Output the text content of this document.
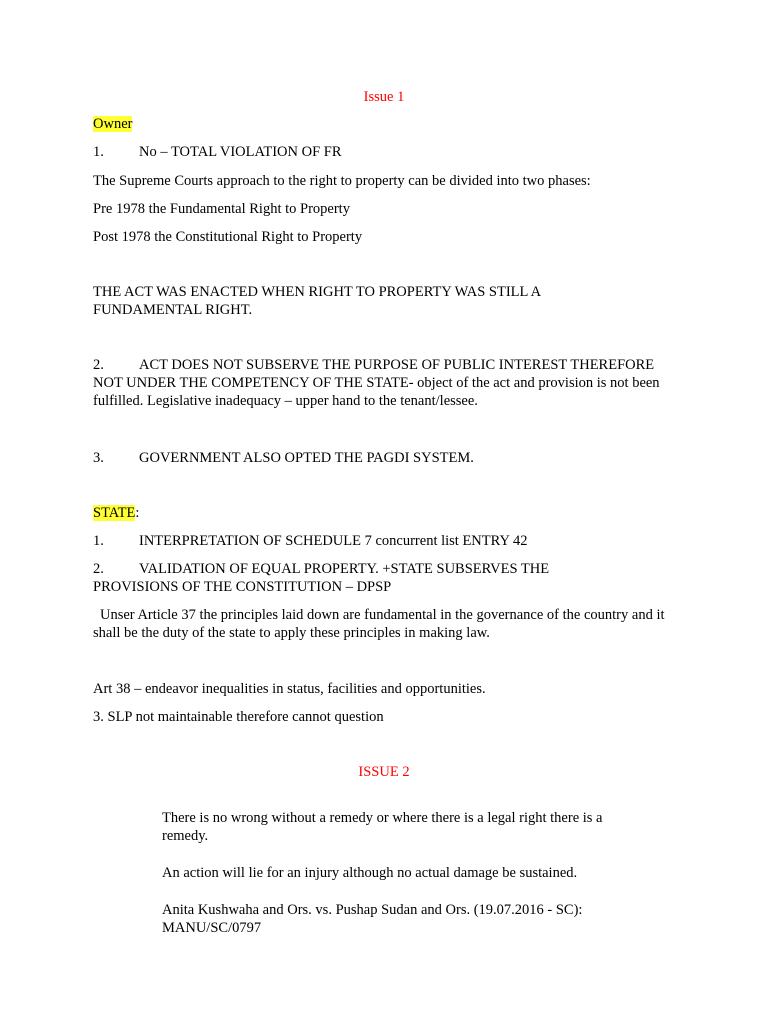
Issue 1
Owner
1. No – TOTAL VIOLATION OF FR
The Supreme Courts approach to the right to property can be divided into two phases:
Pre 1978 the Fundamental Right to Property
Post 1978 the Constitutional Right to Property
THE ACT WAS ENACTED WHEN RIGHT TO PROPERTY WAS STILL A FUNDAMENTAL RIGHT.
2. ACT DOES NOT SUBSERVE THE PURPOSE OF PUBLIC INTEREST THEREFORE NOT UNDER THE COMPETENCY OF THE STATE- object of the act and provision is not been fulfilled. Legislative inadequacy – upper hand to the tenant/lessee.
3. GOVERNMENT ALSO OPTED THE PAGDI SYSTEM.
STATE:
1. INTERPRETATION OF SCHEDULE 7 concurrent list ENTRY 42
2. VALIDATION OF EQUAL PROPERTY. +STATE SUBSERVES THE PROVISIONS OF THE CONSTITUTION – DPSP
Unser Article 37 the principles laid down are fundamental in the governance of the country and it shall be the duty of the state to apply these principles in making law.
Art 38 – endeavor inequalities in status, facilities and opportunities.
3. SLP not maintainable therefore cannot question
ISSUE 2
There is no wrong without a remedy or where there is a legal right there is a remedy.
An action will lie for an injury although no actual damage be sustained.
Anita Kushwaha and Ors. vs. Pushap Sudan and Ors. (19.07.2016 - SC): MANU/SC/0797
